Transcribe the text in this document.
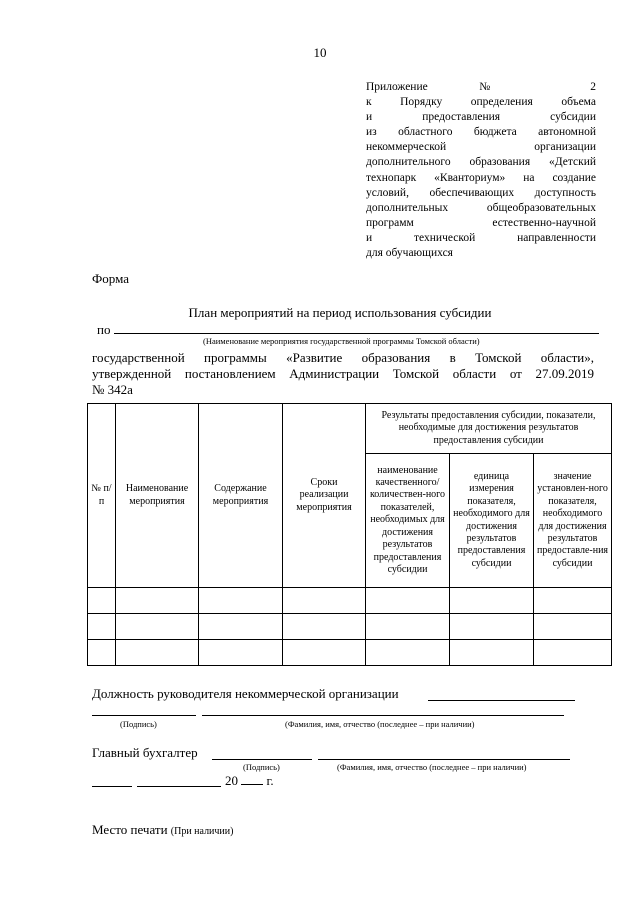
10
Приложение № 2
к Порядку определения объема
и предоставления субсидии
из областного бюджета автономной
некоммерческой организации
дополнительного образования «Детский
технопарк «Кванториум» на создание
условий, обеспечивающих доступность
дополнительных общеобразовательных
программ естественно-научной
и технической направленности
для обучающихся
Форма
План мероприятий на период использования субсидии
по
(Наименование мероприятия государственной программы Томской области)
государственной программы «Развитие образования в Томской области»,
утвержденной постановлением Администрации Томской области от 27.09.2019
№ 342а
№ п/п	Наименование мероприятия	Содержание мероприятия	Сроки реализации мероприятия	Результаты предоставления субсидии, показатели, необходимые для достижения результатов предоставления субсидии		
				наименование качественного/ количествен-ного показателей, необходимых для достижения результатов предоставления субсидии	единица измерения показателя, необходимого для достижения результатов предоставления субсидии	значение установлен-ного показателя, необходимого для достижения результатов предоставле-ния субсидии

Должность руководителя некоммерческой организации
(Подпись)	(Фамилия, имя, отчество (последнее – при наличии)
Главный бухгалтер
(Подпись)	(Фамилия, имя, отчество (последнее – при наличии)
20 г.
Место печати (При наличии)
